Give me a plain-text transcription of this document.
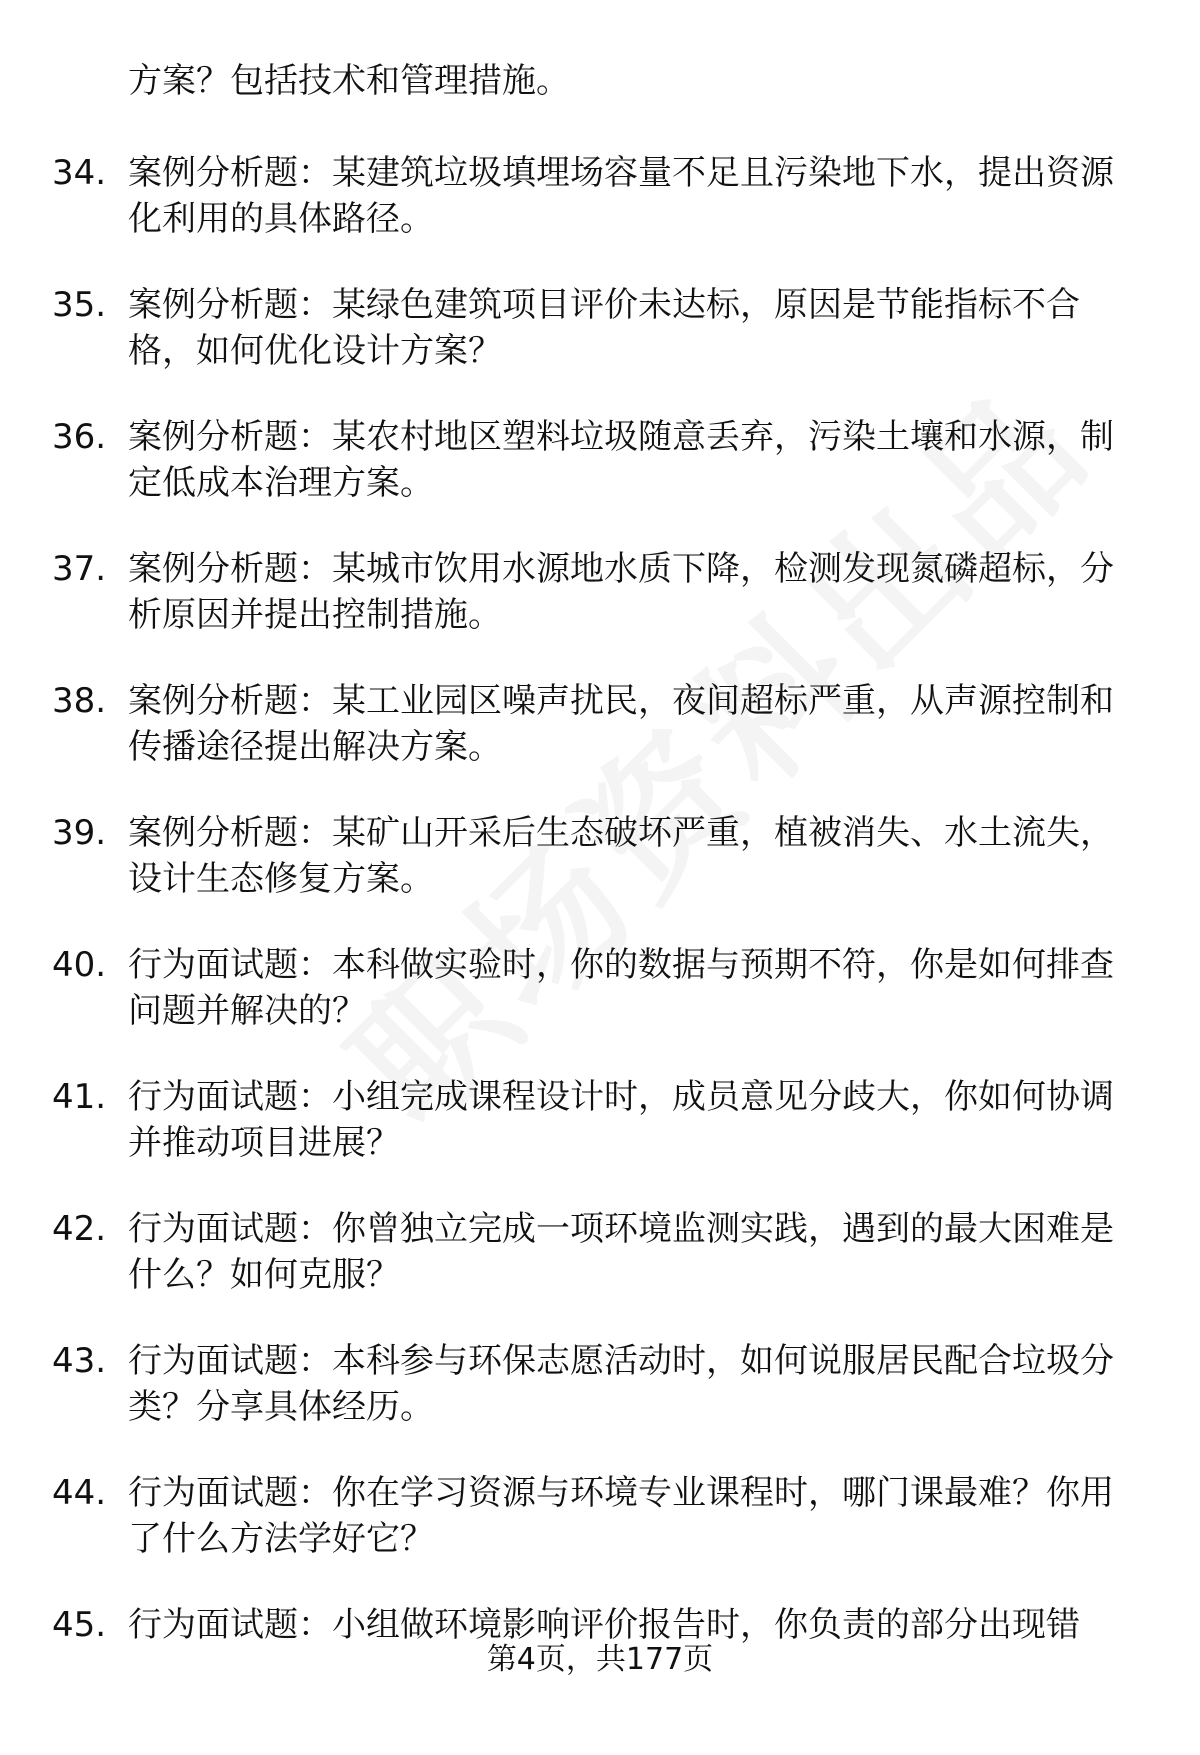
方案？包括技术和管理措施。

34. 案例分析题：某建筑垃圾填埋场容量不足且污染地下水，提出资源化利用的具体路径。

35. 案例分析题：某绿色建筑项目评价未达标，原因是节能指标不合格，如何优化设计方案？

36. 案例分析题：某农村地区塑料垃圾随意丢弃，污染土壤和水源，制定低成本治理方案。

37. 案例分析题：某城市饮用水源地水质下降，检测发现氮磷超标，分析原因并提出控制措施。

38. 案例分析题：某工业园区噪声扰民，夜间超标严重，从声源控制和传播途径提出解决方案。

39. 案例分析题：某矿山开采后生态破坏严重，植被消失、水土流失，设计生态修复方案。

40. 行为面试题：本科做实验时，你的数据与预期不符，你是如何排查问题并解决的？

41. 行为面试题：小组完成课程设计时，成员意见分歧大，你如何协调并推动项目进展？

42. 行为面试题：你曾独立完成一项环境监测实践，遇到的最大困难是什么？如何克服？

43. 行为面试题：本科参与环保志愿活动时，如何说服居民配合垃圾分类？分享具体经历。

44. 行为面试题：你在学习资源与环境专业课程时，哪门课最难？你用了什么方法学好它？

45. 行为面试题：小组做环境影响评价报告时，你负责的部分出现错

第4页，共177页
